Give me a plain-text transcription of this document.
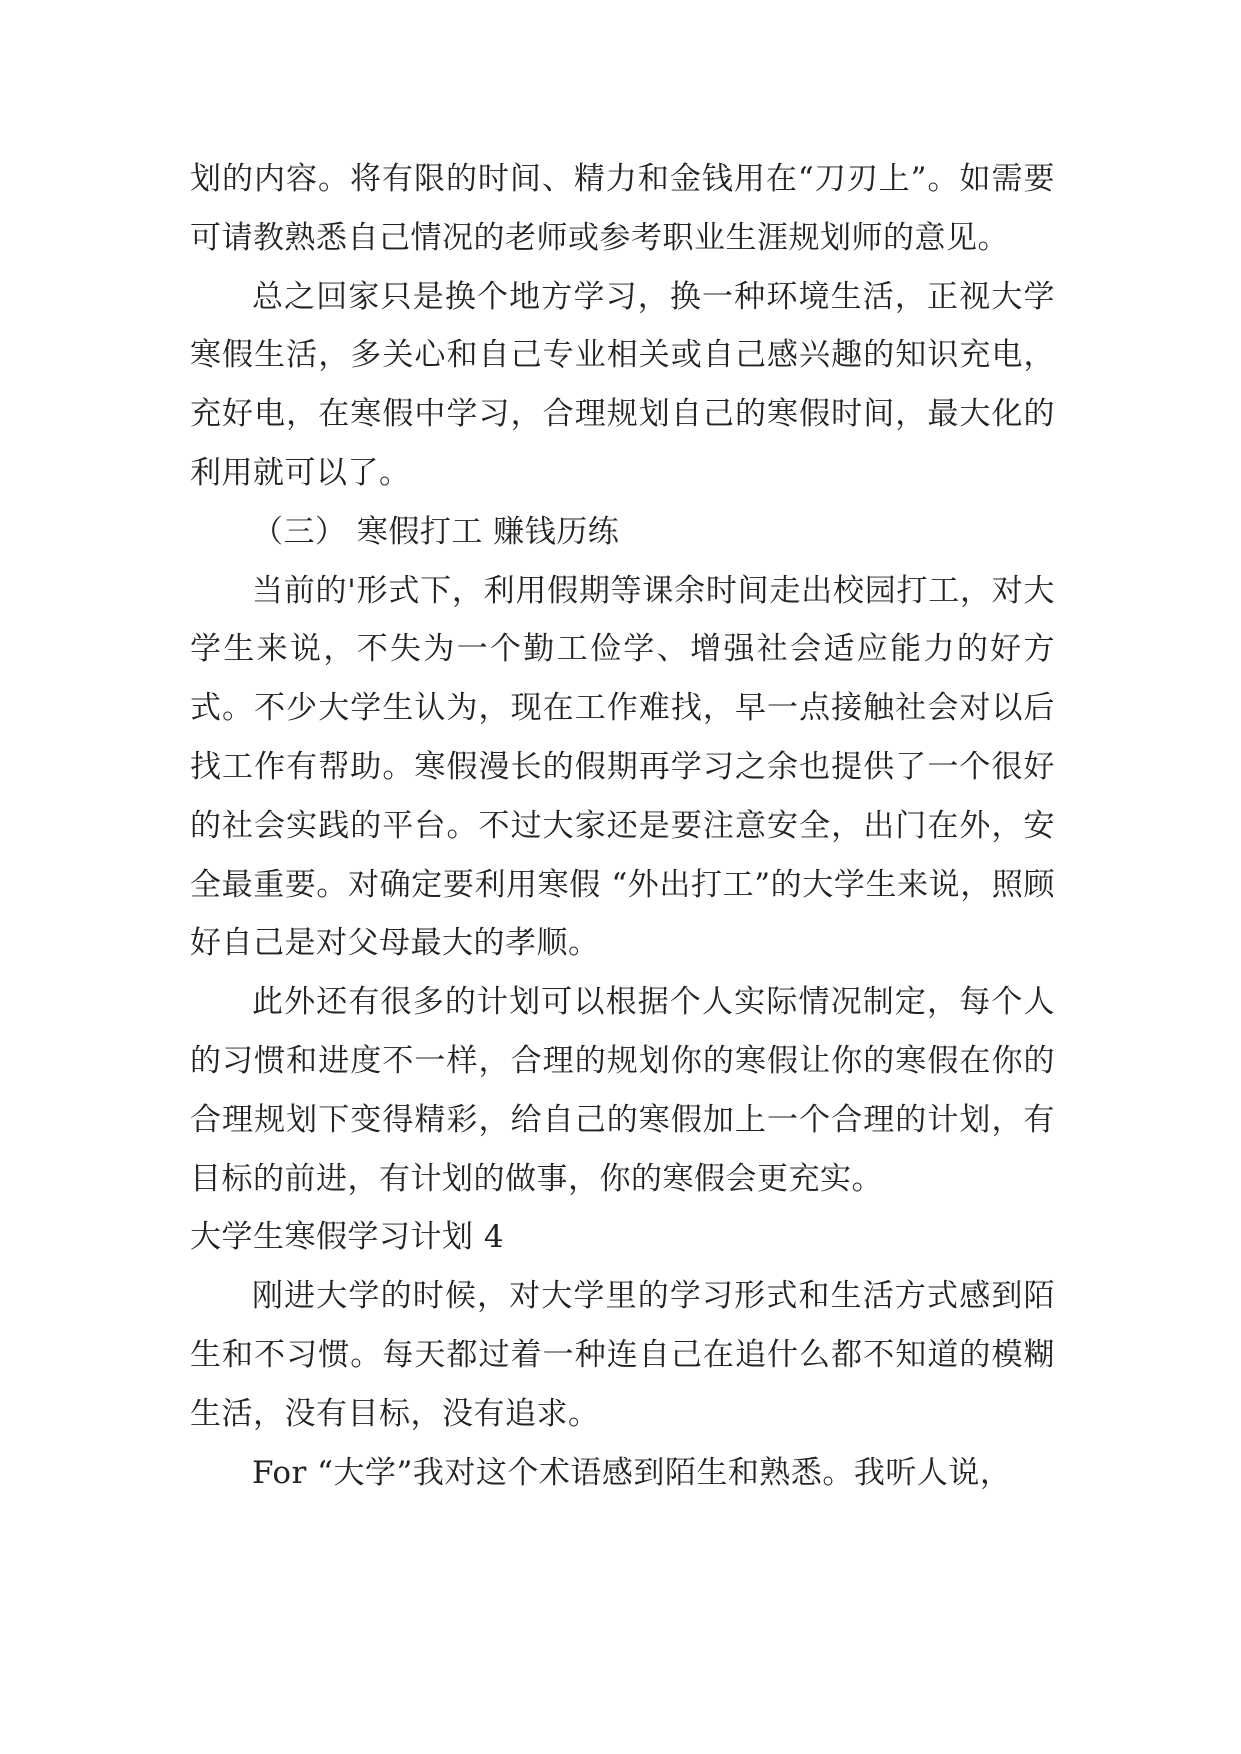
划的内容。将有限的时间、精力和金钱用在“刀刃上”。如需要可请教熟悉自己情况的老师或参考职业生涯规划师的意见。

总之回家只是换个地方学习，换一种环境生活，正视大学寒假生活，多关心和自己专业相关或自己感兴趣的知识充电，充好电，在寒假中学习，合理规划自己的寒假时间，最大化的利用就可以了。

（三） 寒假打工 赚钱历练

当前的'形式下，利用假期等课余时间走出校园打工，对大学生来说，不失为一个勤工俭学、增强社会适应能力的好方式。不少大学生认为，现在工作难找，早一点接触社会对以后找工作有帮助。寒假漫长的假期再学习之余也提供了一个很好的社会实践的平台。不过大家还是要注意安全，出门在外，安全最重要。对确定要利用寒假 “外出打工”的大学生来说，照顾好自己是对父母最大的孝顺。

此外还有很多的计划可以根据个人实际情况制定，每个人的习惯和进度不一样，合理的规划你的寒假让你的寒假在你的合理规划下变得精彩，给自己的寒假加上一个合理的计划，有目标的前进，有计划的做事，你的寒假会更充实。

大学生寒假学习计划 4

刚进大学的时候，对大学里的学习形式和生活方式感到陌生和不习惯。每天都过着一种连自己在追什么都不知道的模糊生活，没有目标，没有追求。

For “大学”我对这个术语感到陌生和熟悉。我听人说，
